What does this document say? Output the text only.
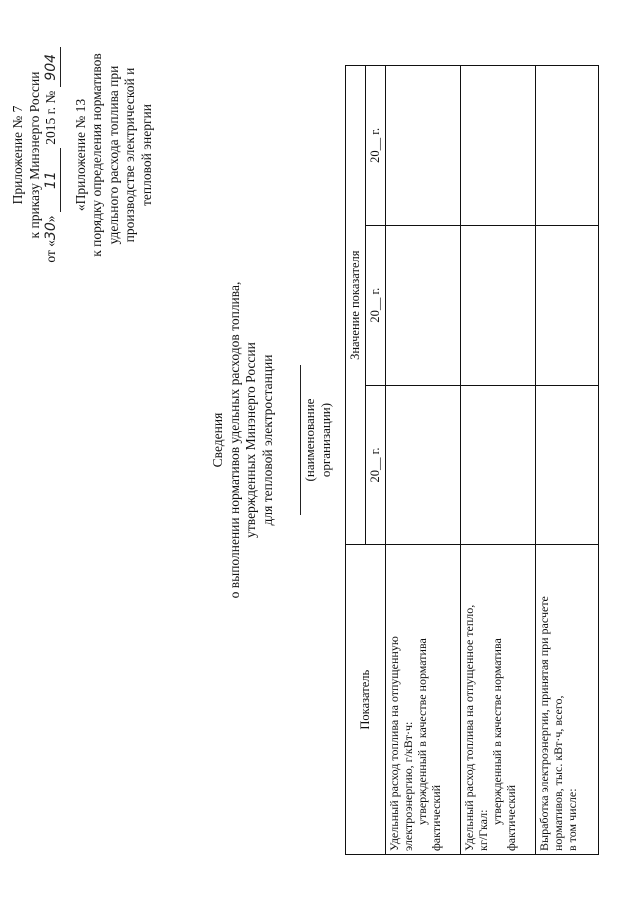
Приложение № 7 к приказу Минэнерго России
от «30» 11 2015 г. № 904
«Приложение № 13 к порядку определения нормативов удельного расхода топлива при производстве электрической и тепловой энергии
Сведения о выполнении нормативов удельных расходов топлива, утвержденных Минэнерго России для тепловой электростанции (наименование организации)
Показатель	Значение показателя		
	20__ г.	20__ г.	20__ г.

Удельный расход топлива на отпущенную электроэнергию, г/кВт·ч: утвержденный в качестве норматива фактический			

Удельный расход топлива на отпущенное тепло, кг/Гкал:
утвержденный в качестве норматива фактический			

Выработка электроэнергии, принятая при расчете нормативов, тыс. кВт·ч, всего, в том числе:			
